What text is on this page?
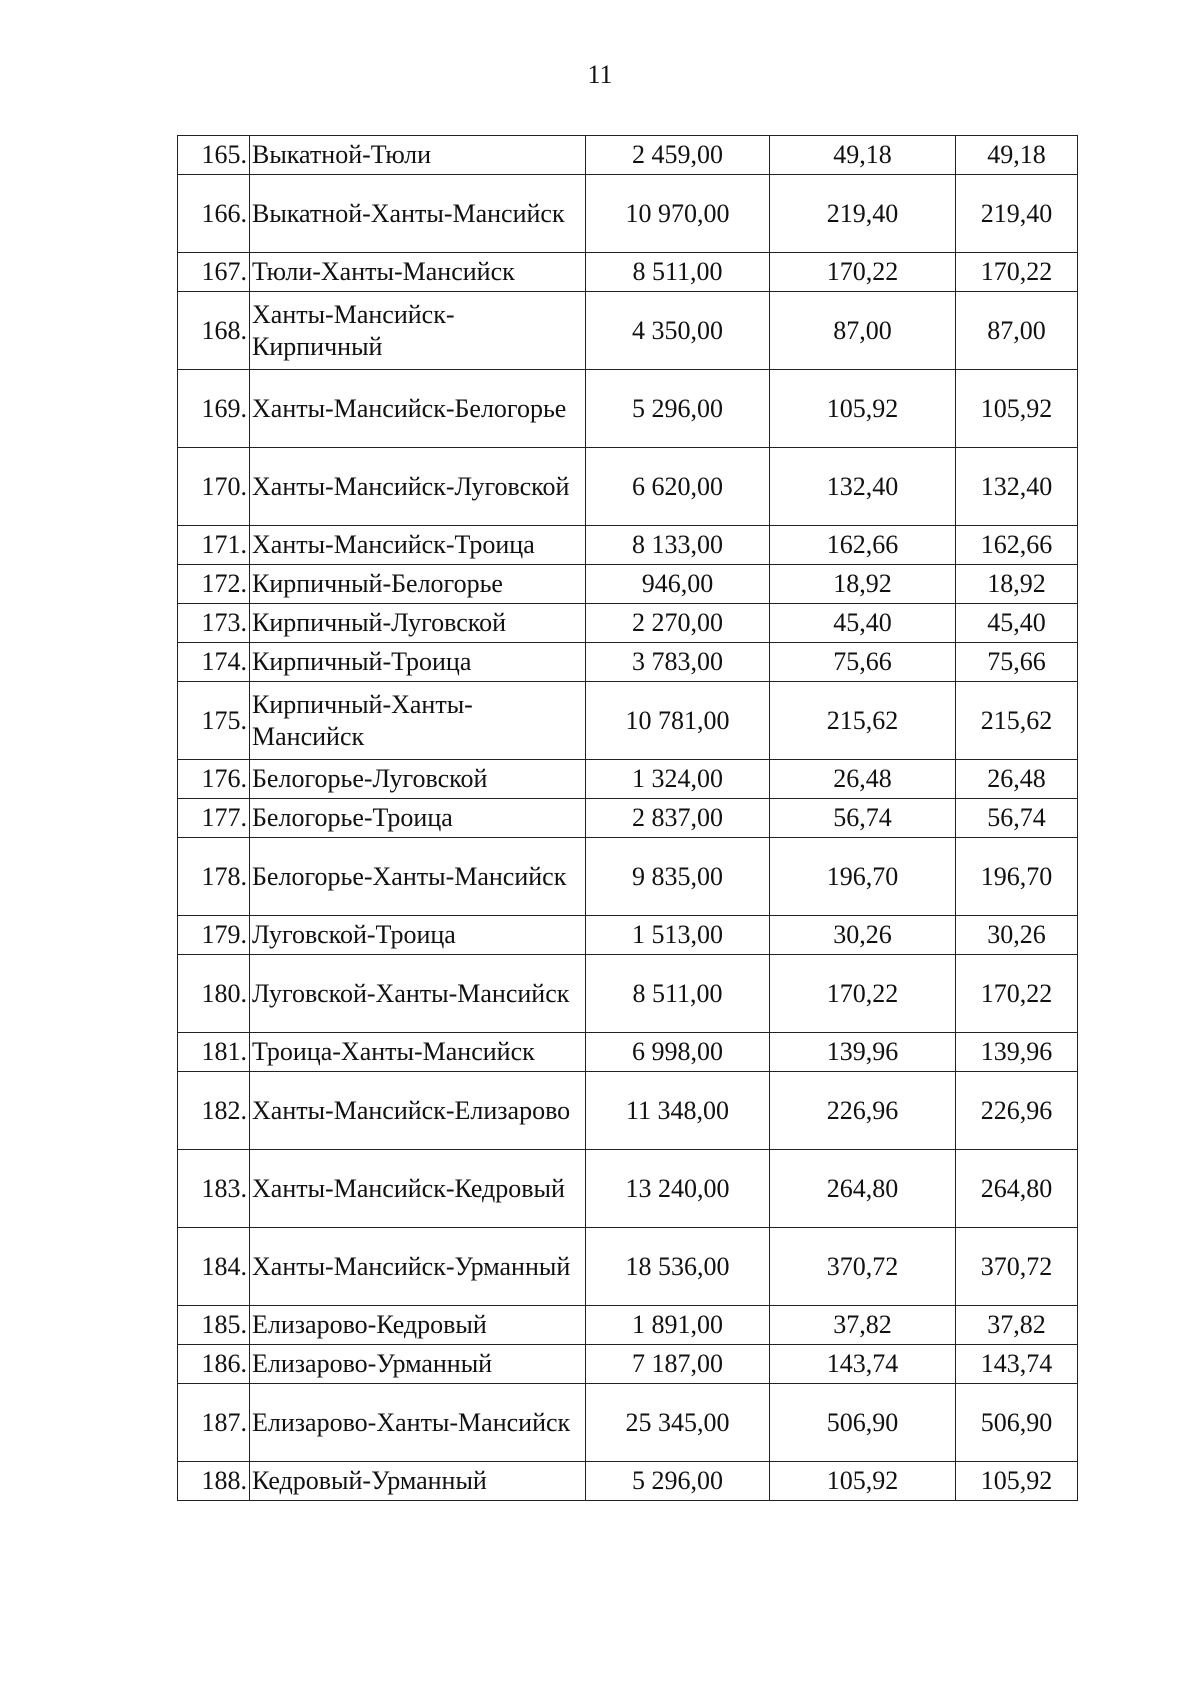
11
165.	Выкатной-Тюли	2 459,00	49,18	49,18
166.	Выкатной-Ханты-Мансийск	10 970,00	219,40	219,40
167.	Тюли-Ханты-Мансийск	8 511,00	170,22	170,22
168.	Ханты-Мансийск-Кирпичный	4 350,00	87,00	87,00
169.	Ханты-Мансийск-Белогорье	5 296,00	105,92	105,92
170.	Ханты-Мансийск-Луговской	6 620,00	132,40	132,40
171.	Ханты-Мансийск-Троица	8 133,00	162,66	162,66
172.	Кирпичный-Белогорье	946,00	18,92	18,92
173.	Кирпичный-Луговской	2 270,00	45,40	45,40
174.	Кирпичный-Троица	3 783,00	75,66	75,66
175.	Кирпичный-Ханты-Мансийск	10 781,00	215,62	215,62
176.	Белогорье-Луговской	1 324,00	26,48	26,48
177.	Белогорье-Троица	2 837,00	56,74	56,74
178.	Белогорье-Ханты-Мансийск	9 835,00	196,70	196,70
179.	Луговской-Троица	1 513,00	30,26	30,26
180.	Луговской-Ханты-Мансийск	8 511,00	170,22	170,22
181.	Троица-Ханты-Мансийск	6 998,00	139,96	139,96
182.	Ханты-Мансийск-Елизарово	11 348,00	226,96	226,96
183.	Ханты-Мансийск-Кедровый	13 240,00	264,80	264,80
184.	Ханты-Мансийск-Урманный	18 536,00	370,72	370,72
185.	Елизарово-Кедровый	1 891,00	37,82	37,82
186.	Елизарово-Урманный	7 187,00	143,74	143,74
187.	Елизарово-Ханты-Мансийск	25 345,00	506,90	506,90
188.	Кедровый-Урманный	5 296,00	105,92	105,92
